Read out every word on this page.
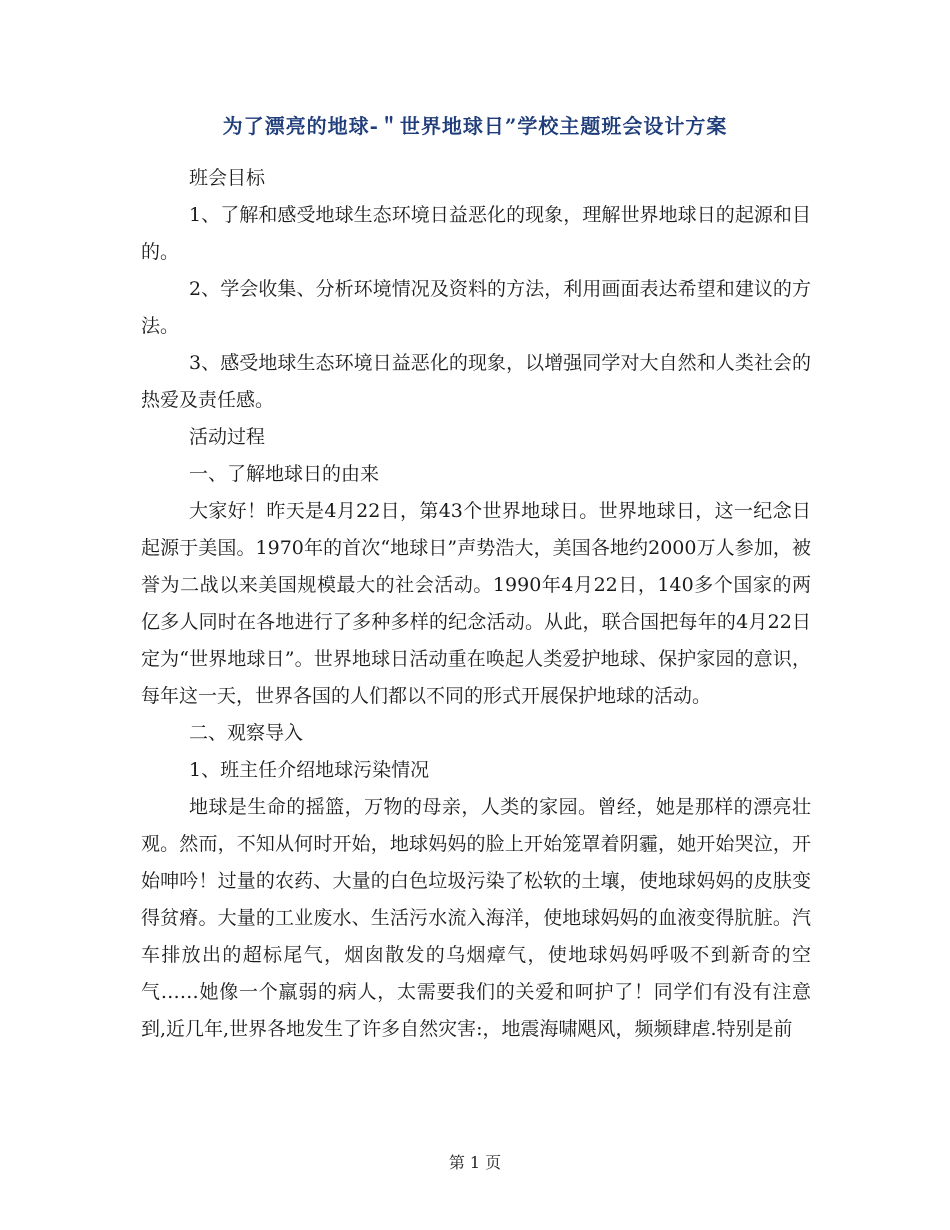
为了漂亮的地球-＂世界地球日”学校主题班会设计方案

班会目标

1、了解和感受地球生态环境日益恶化的现象，理解世界地球日的起源和目的。

2、学会收集、分析环境情况及资料的方法，利用画面表达希望和建议的方法。

3、感受地球生态环境日益恶化的现象，以增强同学对大自然和人类社会的热爱及责任感。

活动过程

一、了解地球日的由来

大家好！昨天是4月22日，第43个世界地球日。世界地球日，这一纪念日起源于美国。1970年的首次“地球日”声势浩大，美国各地约2000万人参加，被誉为二战以来美国规模最大的社会活动。1990年4月22日，140多个国家的两亿多人同时在各地进行了多种多样的纪念活动。从此，联合国把每年的4月22日定为“世界地球日”。世界地球日活动重在唤起人类爱护地球、保护家园的意识，每年这一天，世界各国的人们都以不同的形式开展保护地球的活动。

二、观察导入

1、班主任介绍地球污染情况

地球是生命的摇篮，万物的母亲，人类的家园。曾经，她是那样的漂亮壮观。然而，不知从何时开始，地球妈妈的脸上开始笼罩着阴霾，她开始哭泣，开始呻吟！过量的农药、大量的白色垃圾污染了松软的土壤，使地球妈妈的皮肤变得贫瘠。大量的工业废水、生活污水流入海洋，使地球妈妈的血液变得肮脏。汽车排放出的超标尾气，烟囱散发的乌烟瘴气，使地球妈妈呼吸不到新奇的空气……她像一个羸弱的病人，太需要我们的关爱和呵护了！同学们有没有注意到,近几年,世界各地发生了许多自然灾害:，地震海啸飓风，频频肆虐.特别是前

第 1 页
